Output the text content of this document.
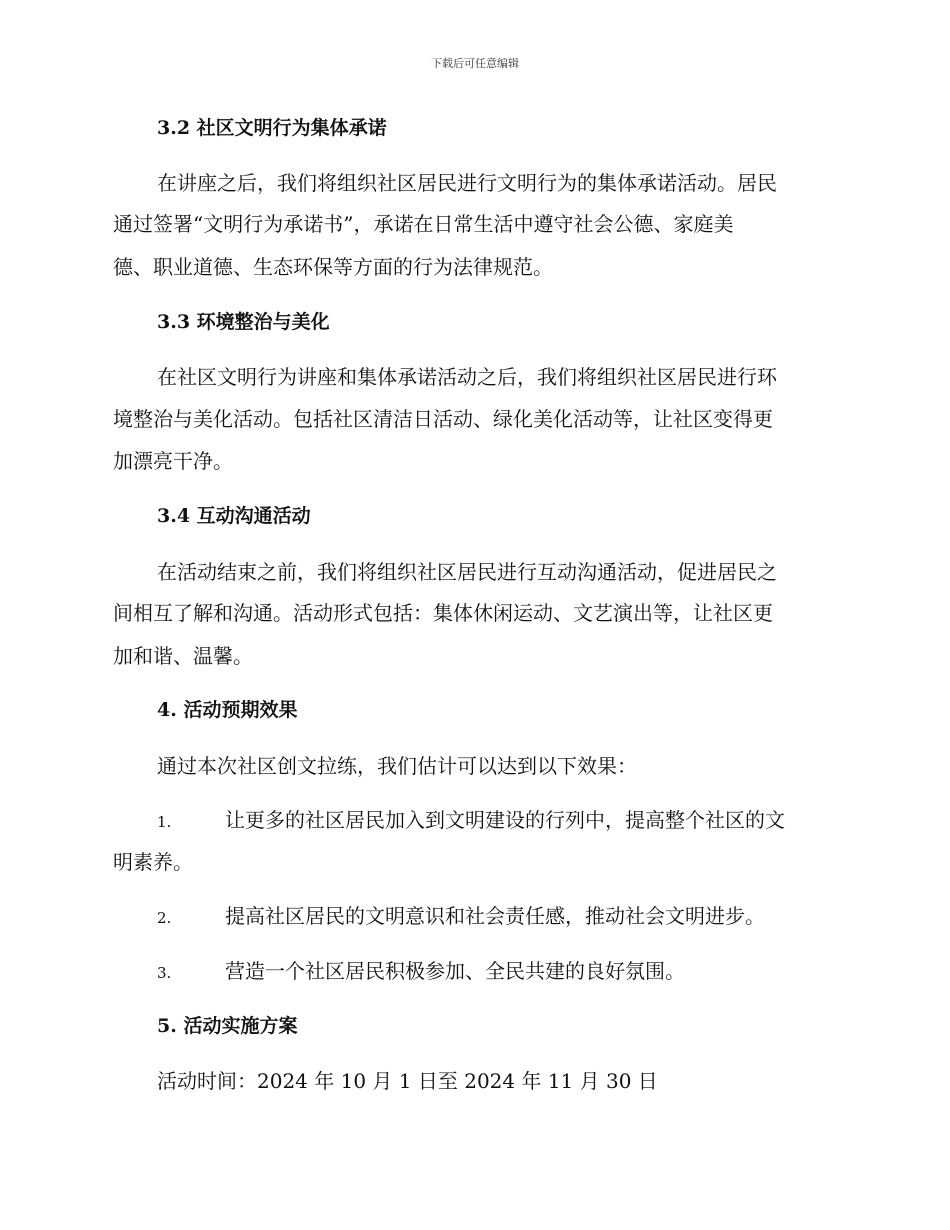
下载后可任意编辑
3.2 社区文明行为集体承诺
在讲座之后，我们将组织社区居民进行文明行为的集体承诺活动。居民
通过签署“文明行为承诺书”，承诺在日常生活中遵守社会公德、家庭美
德、职业道德、生态环保等方面的行为法律规范。
3.3 环境整治与美化
在社区文明行为讲座和集体承诺活动之后，我们将组织社区居民进行环
境整治与美化活动。包括社区清洁日活动、绿化美化活动等，让社区变得更
加漂亮干净。
3.4 互动沟通活动
在活动结束之前，我们将组织社区居民进行互动沟通活动，促进居民之
间相互了解和沟通。活动形式包括：集体休闲运动、文艺演出等，让社区更
加和谐、温馨。
4. 活动预期效果
通过本次社区创文拉练，我们估计可以达到以下效果：
1.	让更多的社区居民加入到文明建设的行列中，提高整个社区的文
明素养。
2.	提高社区居民的文明意识和社会责任感，推动社会文明进步。
3.	营造一个社区居民积极参加、全民共建的良好氛围。
5. 活动实施方案
活动时间：2024 年 10 月 1 日至 2024 年 11 月 30 日
